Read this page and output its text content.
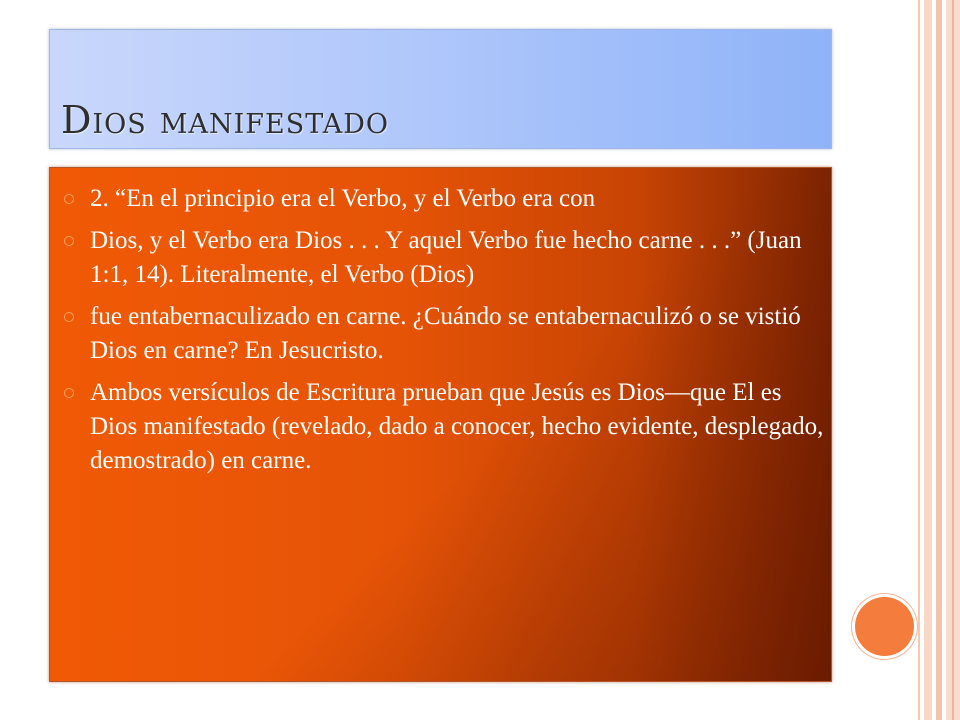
Dios manifestado
2. “En el principio era el Verbo, y el Verbo era con
Dios, y el Verbo era Dios . . . Y aquel Verbo fue hecho carne . . .” (Juan 1:1, 14). Literalmente, el Verbo (Dios)
fue entabernaculizado en carne. ¿Cuándo se entabernaculizó o se vistió Dios en carne? En Jesucristo.
Ambos versículos de Escritura prueban que Jesús es Dios—que El es Dios manifestado (revelado, dado a conocer, hecho evidente, desplegado, demostrado) en carne.
